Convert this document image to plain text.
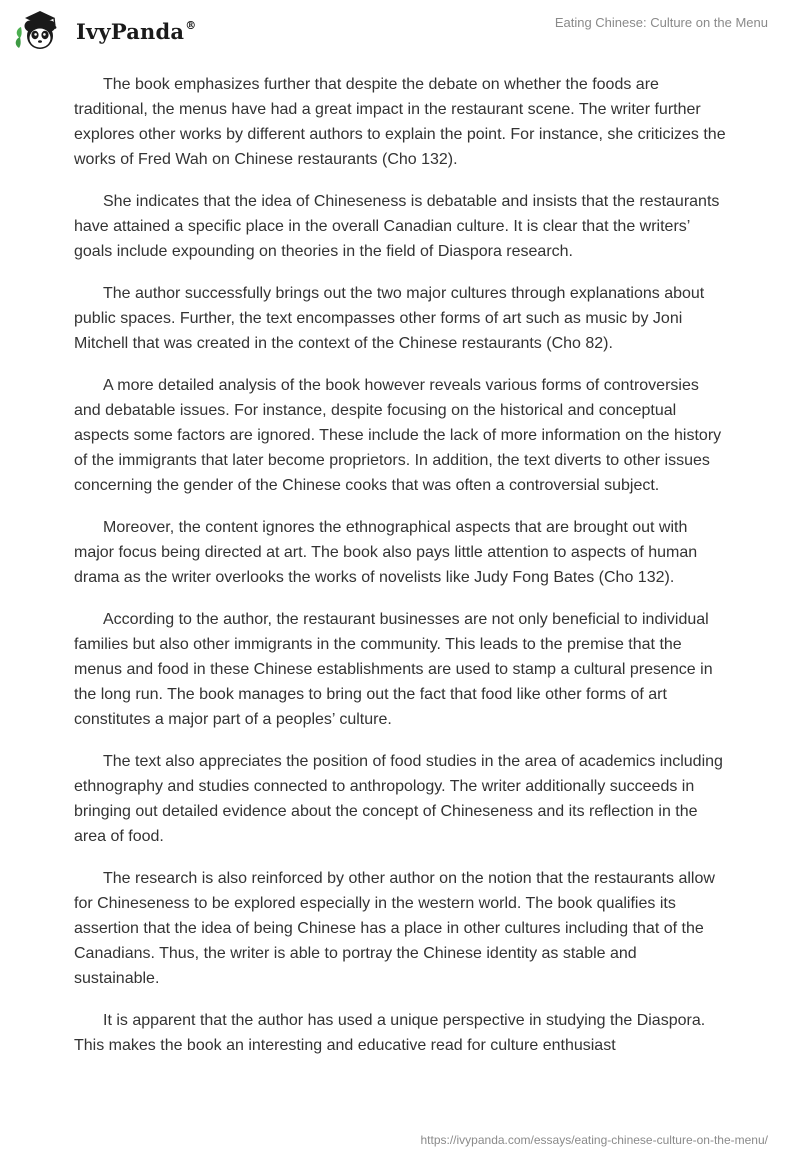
IvyPanda®	Eating Chinese: Culture on the Menu

The book emphasizes further that despite the debate on whether the foods are traditional, the menus have had a great impact in the restaurant scene. The writer further explores other works by different authors to explain the point. For instance, she criticizes the works of Fred Wah on Chinese restaurants (Cho 132).

She indicates that the idea of Chineseness is debatable and insists that the restaurants have attained a specific place in the overall Canadian culture. It is clear that the writers’ goals include expounding on theories in the field of Diaspora research.

The author successfully brings out the two major cultures through explanations about public spaces. Further, the text encompasses other forms of art such as music by Joni Mitchell that was created in the context of the Chinese restaurants (Cho 82).

A more detailed analysis of the book however reveals various forms of controversies and debatable issues. For instance, despite focusing on the historical and conceptual aspects some factors are ignored. These include the lack of more information on the history of the immigrants that later become proprietors. In addition, the text diverts to other issues concerning the gender of the Chinese cooks that was often a controversial subject.

Moreover, the content ignores the ethnographical aspects that are brought out with major focus being directed at art. The book also pays little attention to aspects of human drama as the writer overlooks the works of novelists like Judy Fong Bates (Cho 132).

According to the author, the restaurant businesses are not only beneficial to individual families but also other immigrants in the community. This leads to the premise that the menus and food in these Chinese establishments are used to stamp a cultural presence in the long run. The book manages to bring out the fact that food like other forms of art constitutes a major part of a peoples’ culture.

The text also appreciates the position of food studies in the area of academics including ethnography and studies connected to anthropology. The writer additionally succeeds in bringing out detailed evidence about the concept of Chineseness and its reflection in the area of food.

The research is also reinforced by other author on the notion that the restaurants allow for Chineseness to be explored especially in the western world. The book qualifies its assertion that the idea of being Chinese has a place in other cultures including that of the Canadians. Thus, the writer is able to portray the Chinese identity as stable and sustainable.

It is apparent that the author has used a unique perspective in studying the Diaspora. This makes the book an interesting and educative read for culture enthusiast

https://ivypanda.com/essays/eating-chinese-culture-on-the-menu/
